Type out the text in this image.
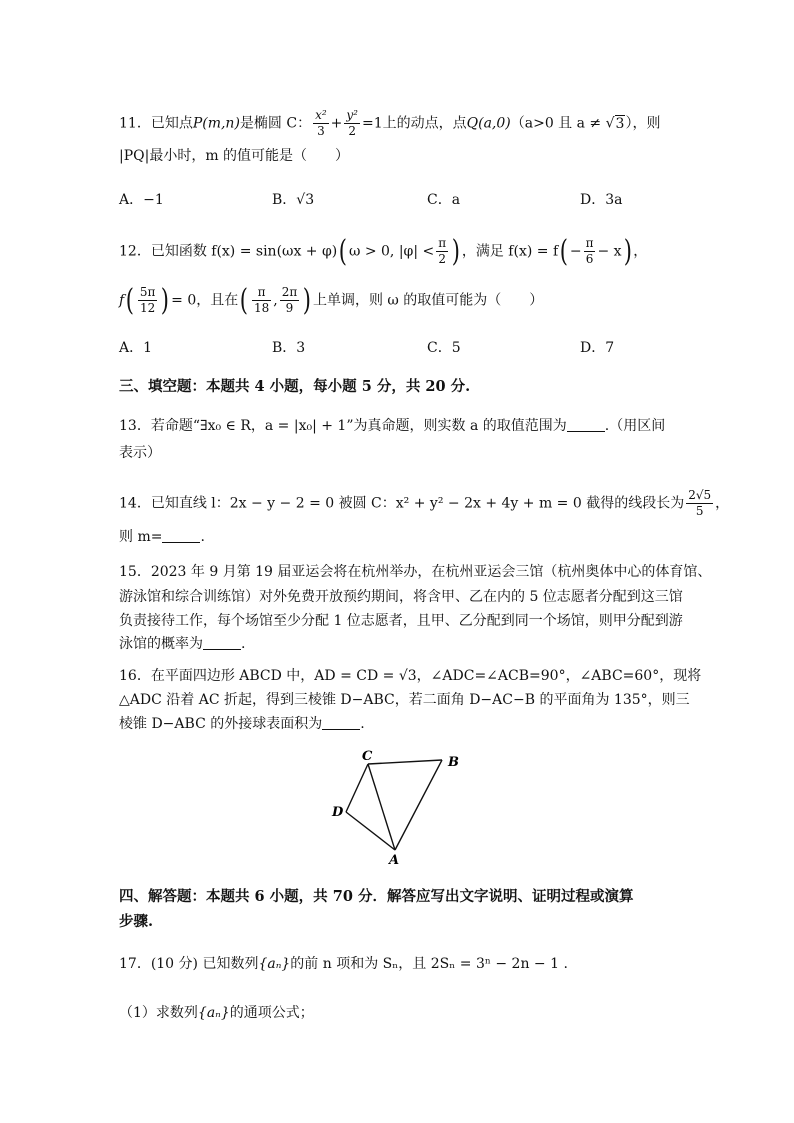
11．已知点P(m,n)是椭圆 C： $\frac{\text{x²}}{3} + \frac{\text{y²}}{2} =1$上的动点，点Q(a,0)（a>0 且 a ≠ √3），则
|PQ|最小时，m 的值可能是（　　）
A．−1	B．√3	C．a	D．3a
12．已知函数 f(x) = sin(ωx + φ)( ω > 0, $|\varphi| < \frac{\pi}{2}$ ) ，满足 $f(x) = f( - \frac{\pi}{6} - x)$ ，
$f( \frac{5\pi}{12}$ ) = 0，且在( $\frac{\pi}{18}$ , $\frac{2\pi}{9}$ ) 上单调，则 ω 的取值可能为（　　）
A．1	B．3	C．5	D．7
三、填空题：本题共 4 小题，每小题 5 分，共 20 分.
13．若命题“∃x₀ ∈ R，a = |x₀| + 1”为真命题，则实数 a 的取值范围为	.（用区间
表示）
14．已知直线 l：2x − y − 2 = 0 被圆 C：x² + y² − 2x + 4y + m = 0 截得的线段长为 $\frac{2√5}{5}$ ，
则 m=	.
15．2023 年 9 月第 19 届亚运会将在杭州举办，在杭州亚运会三馆（杭州奥体中心的体育馆、
游泳馆和综合训练馆）对外免费开放预约期间，将含甲、乙在内的 5 位志愿者分配到这三馆
负责接待工作，每个场馆至少分配 1 位志愿者，且甲、乙分配到同一个场馆，则甲分配到游
泳馆的概率为	.
16．在平面四边形 ABCD 中，AD = CD = √3，∠ADC=∠ACB=90°，∠ABC=60°，现将
△ADC 沿着 AC 折起，得到三棱锥 D−ABC，若二面角 D−AC−B 的平面角为 135°，则三
棱锥 D−ABC 的外接球表面积为	.
C	B
D
A
四、解答题：本题共 6 小题，共 70 分．解答应写出文字说明、证明过程或演算
步骤.
17．(10 分) 已知数列{aₙ}的前 n 项和为 Sₙ，且 2Sₙ = 3ⁿ − 2n − 1 .
（1）求数列{aₙ}的通项公式；
